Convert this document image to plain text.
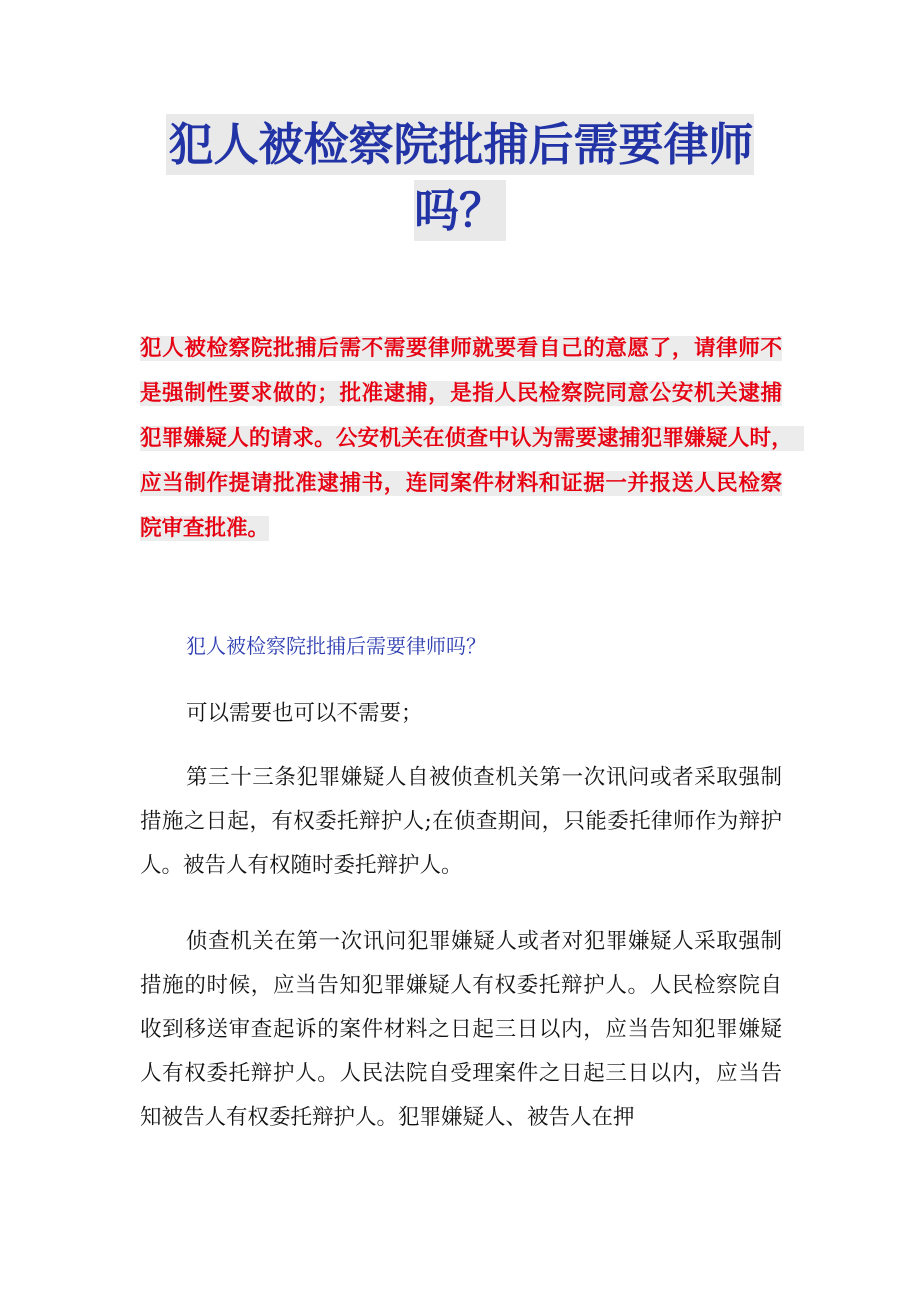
犯人被检察院批捕后需要律师吗？
犯人被检察院批捕后需不需要律师就要看自己的意愿了，请律师不是强制性要求做的；批准逮捕，是指人民检察院同意公安机关逮捕犯罪嫌疑人的请求。公安机关在侦查中认为需要逮捕犯罪嫌疑人时，　应当制作提请批准逮捕书，连同案件材料和证据一并报送人民检察院审查批准。
犯人被检察院批捕后需要律师吗？

可以需要也可以不需要；

第三十三条犯罪嫌疑人自被侦查机关第一次讯问或者采取强制措施之日起，有权委托辩护人;在侦查期间，只能委托律师作为辩护人。被告人有权随时委托辩护人。

侦查机关在第一次讯问犯罪嫌疑人或者对犯罪嫌疑人采取强制措施的时候，应当告知犯罪嫌疑人有权委托辩护人。人民检察院自收到移送审查起诉的案件材料之日起三日以内，应当告知犯罪嫌疑人有权委托辩护人。人民法院自受理案件之日起三日以内，应当告知被告人有权委托辩护人。犯罪嫌疑人、被告人在押
